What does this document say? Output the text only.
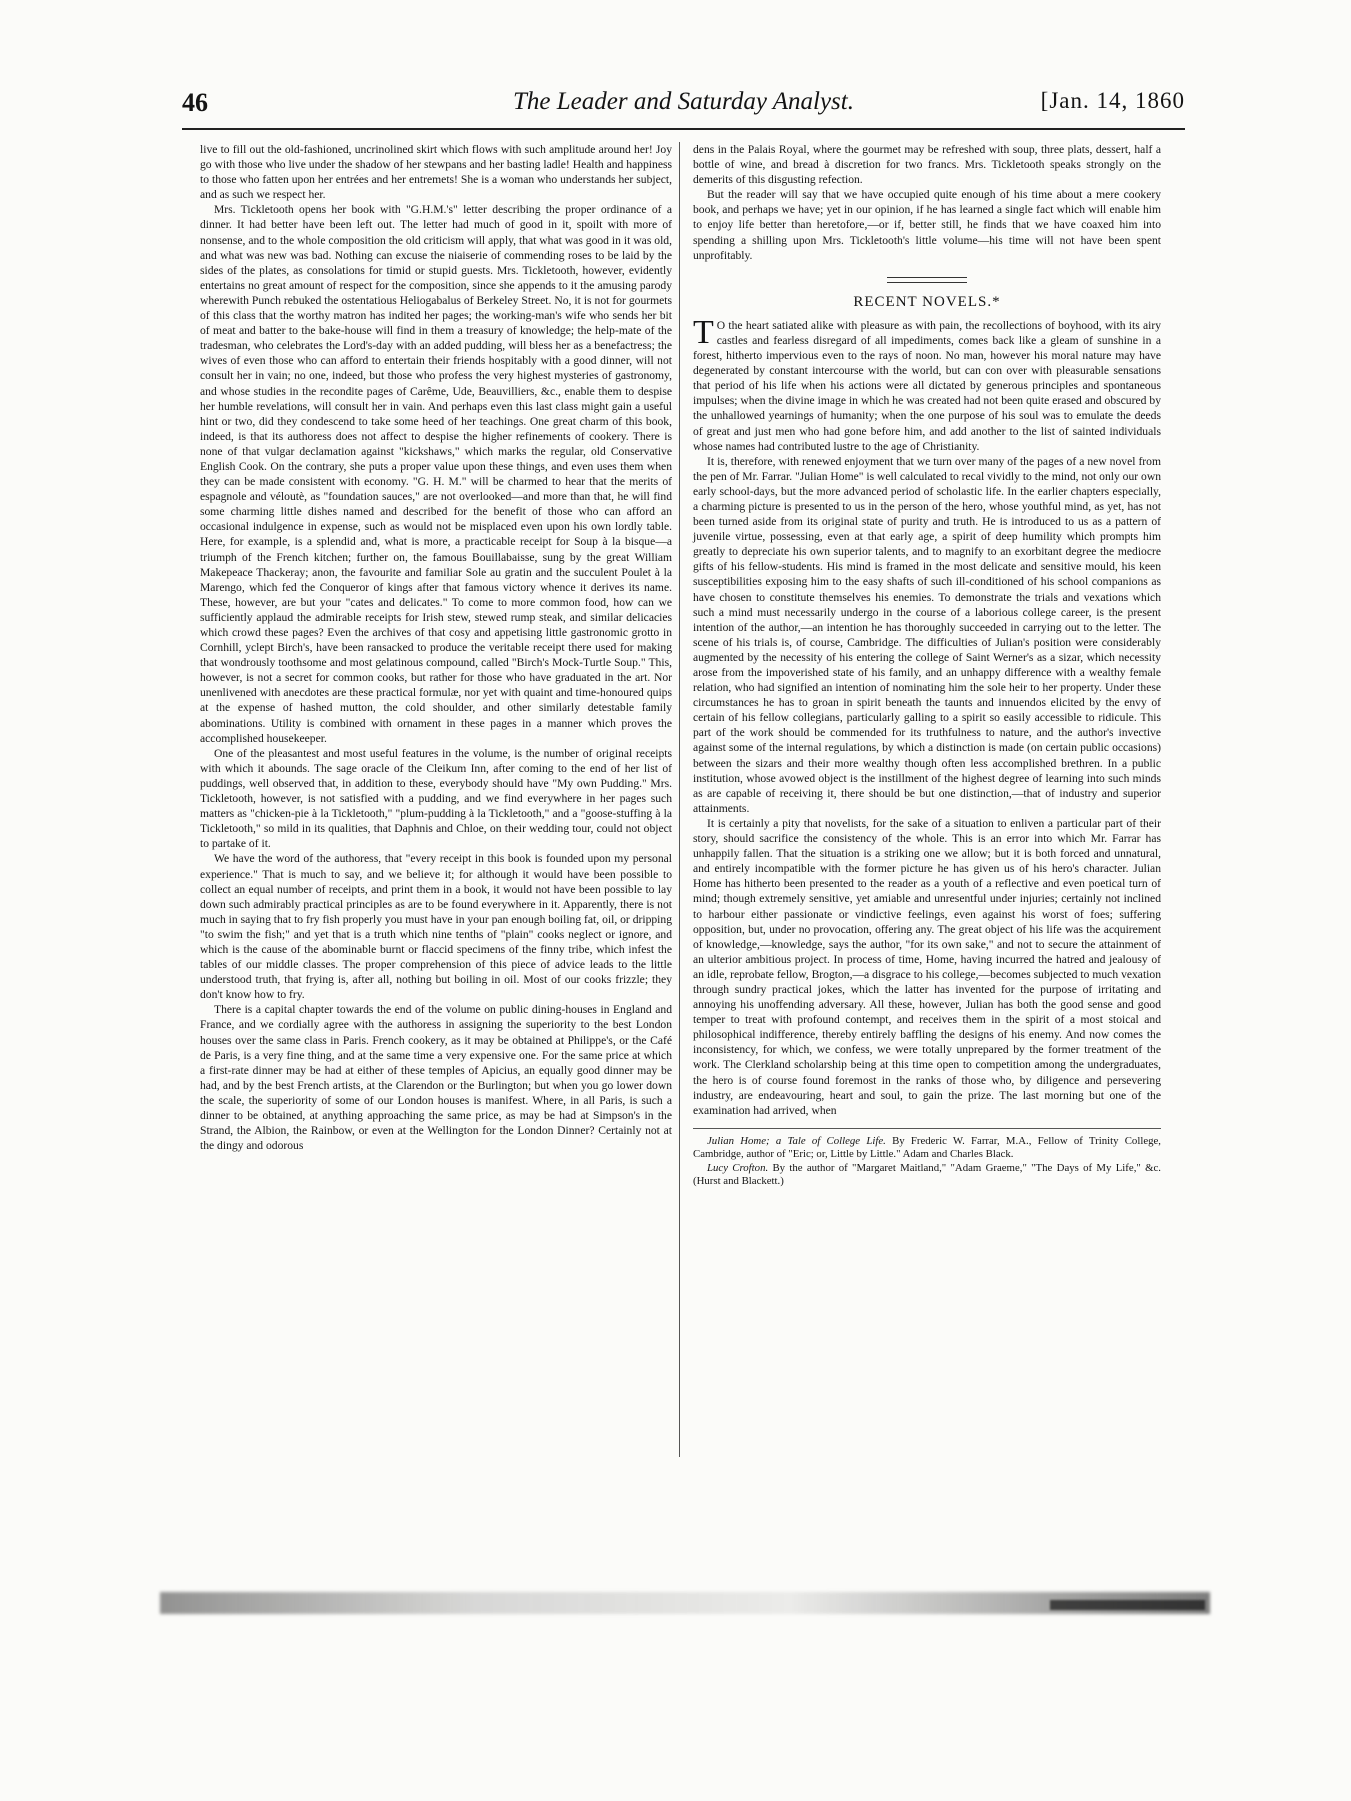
46	The Leader and Saturday Analyst.	[Jan. 14, 1860

live to fill out the old-fashioned, uncrinolined skirt which flows with such amplitude around her! Joy go with those who live under the shadow of her stewpans and her basting ladle! Health and happiness to those who fatten upon her entrées and her entremets! She is a woman who understands her subject, and as such we respect her.

Mrs. Tickletooth opens her book with "G.H.M.'s" letter describing the proper ordinance of a dinner. It had better have been left out. The letter had much of good in it, spoilt with more of nonsense, and to the whole composition the old criticism will apply, that what was good in it was old, and what was new was bad. Nothing can excuse the niaiserie of commending roses to be laid by the sides of the plates, as consolations for timid or stupid guests. Mrs. Tickletooth, however, evidently entertains no great amount of respect for the composition, since she appends to it the amusing parody wherewith Punch rebuked the ostentatious Heliogabalus of Berkeley Street. No, it is not for gourmets of this class that the worthy matron has indited her pages; the working-man's wife who sends her bit of meat and batter to the bake-house will find in them a treasury of knowledge; the help-mate of the tradesman, who celebrates the Lord's-day with an added pudding, will bless her as a benefactress; the wives of even those who can afford to entertain their friends hospitably with a good dinner, will not consult her in vain; no one, indeed, but those who profess the very highest mysteries of gastronomy, and whose studies in the recondite pages of Carême, Ude, Beauvilliers, &c., enable them to despise her humble revelations, will consult her in vain. And perhaps even this last class might gain a useful hint or two, did they condescend to take some heed of her teachings. One great charm of this book, indeed, is that its authoress does not affect to despise the higher refinements of cookery. There is none of that vulgar declamation against "kickshaws," which marks the regular, old Conservative English Cook. On the contrary, she puts a proper value upon these things, and even uses them when they can be made consistent with economy. "G. H. M." will be charmed to hear that the merits of espagnole and véloutè, as "foundation sauces," are not overlooked—and more than that, he will find some charming little dishes named and described for the benefit of those who can afford an occasional indulgence in expense, such as would not be misplaced even upon his own lordly table. Here, for example, is a splendid and, what is more, a practicable receipt for Soup à la bisque—a triumph of the French kitchen; further on, the famous Bouillabaisse, sung by the great William Makepeace Thackeray; anon, the favourite and familiar Sole au gratin and the succulent Poulet à la Marengo, which fed the Conqueror of kings after that famous victory whence it derives its name. These, however, are but your "cates and delicates." To come to more common food, how can we sufficiently applaud the admirable receipts for Irish stew, stewed rump steak, and similar delicacies which crowd these pages? Even the archives of that cosy and appetising little gastronomic grotto in Cornhill, yclept Birch's, have been ransacked to produce the veritable receipt there used for making that wondrously toothsome and most gelatinous compound, called "Birch's Mock-Turtle Soup." This, however, is not a secret for common cooks, but rather for those who have graduated in the art. Nor unenlivened with anecdotes are these practical formulæ, nor yet with quaint and time-honoured quips at the expense of hashed mutton, the cold shoulder, and other similarly detestable family abominations. Utility is combined with ornament in these pages in a manner which proves the accomplished housekeeper.

One of the pleasantest and most useful features in the volume, is the number of original receipts with which it abounds. The sage oracle of the Cleikum Inn, after coming to the end of her list of puddings, well observed that, in addition to these, everybody should have "My own Pudding." Mrs. Tickletooth, however, is not satisfied with a pudding, and we find everywhere in her pages such matters as "chicken-pie à la Tickletooth," "plum-pudding à la Tickletooth," and a "goose-stuffing à la Tickletooth," so mild in its qualities, that Daphnis and Chloe, on their wedding tour, could not object to partake of it.

We have the word of the authoress, that "every receipt in this book is founded upon my personal experience." That is much to say, and we believe it; for although it would have been possible to collect an equal number of receipts, and print them in a book, it would not have been possible to lay down such admirably practical principles as are to be found everywhere in it. Apparently, there is not much in saying that to fry fish properly you must have in your pan enough boiling fat, oil, or dripping "to swim the fish;" and yet that is a truth which nine tenths of "plain" cooks neglect or ignore, and which is the cause of the abominable burnt or flaccid specimens of the finny tribe, which infest the tables of our middle classes. The proper comprehension of this piece of advice leads to the little understood truth, that frying is, after all, nothing but boiling in oil. Most of our cooks frizzle; they don't know how to fry.

There is a capital chapter towards the end of the volume on public dining-houses in England and France, and we cordially agree with the authoress in assigning the superiority to the best London houses over the same class in Paris. French cookery, as it may be obtained at Philippe's, or the Café de Paris, is a very fine thing, and at the same time a very expensive one. For the same price at which a first-rate dinner may be had at either of these temples of Apicius, an equally good dinner may be had, and by the best French artists, at the Clarendon or the Burlington; but when you go lower down the scale, the superiority of some of our London houses is manifest. Where, in all Paris, is such a dinner to be obtained, at anything approaching the same price, as may be had at Simpson's in the Strand, the Albion, the Rainbow, or even at the Wellington for the London Dinner? Certainly not at the dingy and odorous

dens in the Palais Royal, where the gourmet may be refreshed with soup, three plats, dessert, half a bottle of wine, and bread à discretion for two francs. Mrs. Tickletooth speaks strongly on the demerits of this disgusting refection.

But the reader will say that we have occupied quite enough of his time about a mere cookery book, and perhaps we have; yet in our opinion, if he has learned a single fact which will enable him to enjoy life better than heretofore,—or if, better still, he finds that we have coaxed him into spending a shilling upon Mrs. Tickletooth's little volume—his time will not have been spent unprofitably.

RECENT NOVELS.*

T O the heart satiated alike with pleasure as with pain, the recollections of boyhood, with its airy castles and fearless disregard of all impediments, comes back like a gleam of sunshine in a forest, hitherto impervious even to the rays of noon. No man, however his moral nature may have degenerated by constant intercourse with the world, but can con over with pleasurable sensations that period of his life when his actions were all dictated by generous principles and spontaneous impulses; when the divine image in which he was created had not been quite erased and obscured by the unhallowed yearnings of humanity; when the one purpose of his soul was to emulate the deeds of great and just men who had gone before him, and add another to the list of sainted individuals whose names had contributed lustre to the age of Christianity.

It is, therefore, with renewed enjoyment that we turn over many of the pages of a new novel from the pen of Mr. Farrar. "Julian Home" is well calculated to recal vividly to the mind, not only our own early school-days, but the more advanced period of scholastic life. In the earlier chapters especially, a charming picture is presented to us in the person of the hero, whose youthful mind, as yet, has not been turned aside from its original state of purity and truth. He is introduced to us as a pattern of juvenile virtue, possessing, even at that early age, a spirit of deep humility which prompts him greatly to depreciate his own superior talents, and to magnify to an exorbitant degree the mediocre gifts of his fellow-students. His mind is framed in the most delicate and sensitive mould, his keen susceptibilities exposing him to the easy shafts of such ill-conditioned of his school companions as have chosen to constitute themselves his enemies. To demonstrate the trials and vexations which such a mind must necessarily undergo in the course of a laborious college career, is the present intention of the author,—an intention he has thoroughly succeeded in carrying out to the letter. The scene of his trials is, of course, Cambridge. The difficulties of Julian's position were considerably augmented by the necessity of his entering the college of Saint Werner's as a sizar, which necessity arose from the impoverished state of his family, and an unhappy difference with a wealthy female relation, who had signified an intention of nominating him the sole heir to her property. Under these circumstances he has to groan in spirit beneath the taunts and innuendos elicited by the envy of certain of his fellow collegians, particularly galling to a spirit so easily accessible to ridicule. This part of the work should be commended for its truthfulness to nature, and the author's invective against some of the internal regulations, by which a distinction is made (on certain public occasions) between the sizars and their more wealthy though often less accomplished brethren. In a public institution, whose avowed object is the instillment of the highest degree of learning into such minds as are capable of receiving it, there should be but one distinction,—that of industry and superior attainments.

It is certainly a pity that novelists, for the sake of a situation to enliven a particular part of their story, should sacrifice the consistency of the whole. This is an error into which Mr. Farrar has unhappily fallen. That the situation is a striking one we allow; but it is both forced and unnatural, and entirely incompatible with the former picture he has given us of his hero's character. Julian Home has hitherto been presented to the reader as a youth of a reflective and even poetical turn of mind; though extremely sensitive, yet amiable and unresentful under injuries; certainly not inclined to harbour either passionate or vindictive feelings, even against his worst of foes; suffering opposition, but, under no provocation, offering any. The great object of his life was the acquirement of knowledge,—knowledge, says the author, "for its own sake," and not to secure the attainment of an ulterior ambitious project. In process of time, Home, having incurred the hatred and jealousy of an idle, reprobate fellow, Brogton,—a disgrace to his college,—becomes subjected to much vexation through sundry practical jokes, which the latter has invented for the purpose of irritating and annoying his unoffending adversary. All these, however, Julian has both the good sense and good temper to treat with profound contempt, and receives them in the spirit of a most stoical and philosophical indifference, thereby entirely baffling the designs of his enemy. And now comes the inconsistency, for which, we confess, we were totally unprepared by the former treatment of the work. The Clerkland scholarship being at this time open to competition among the undergraduates, the hero is of course found foremost in the ranks of those who, by diligence and persevering industry, are endeavouring, heart and soul, to gain the prize. The last morning but one of the examination had arrived, when

Julian Home; a Tale of College Life. By Frederic W. Farrar, M.A., Fellow of Trinity College, Cambridge, author of "Eric; or, Little by Little." Adam and Charles Black.

Lucy Crofton. By the author of "Margaret Maitland," "Adam Graeme," "The Days of My Life," &c. (Hurst and Blackett.)
